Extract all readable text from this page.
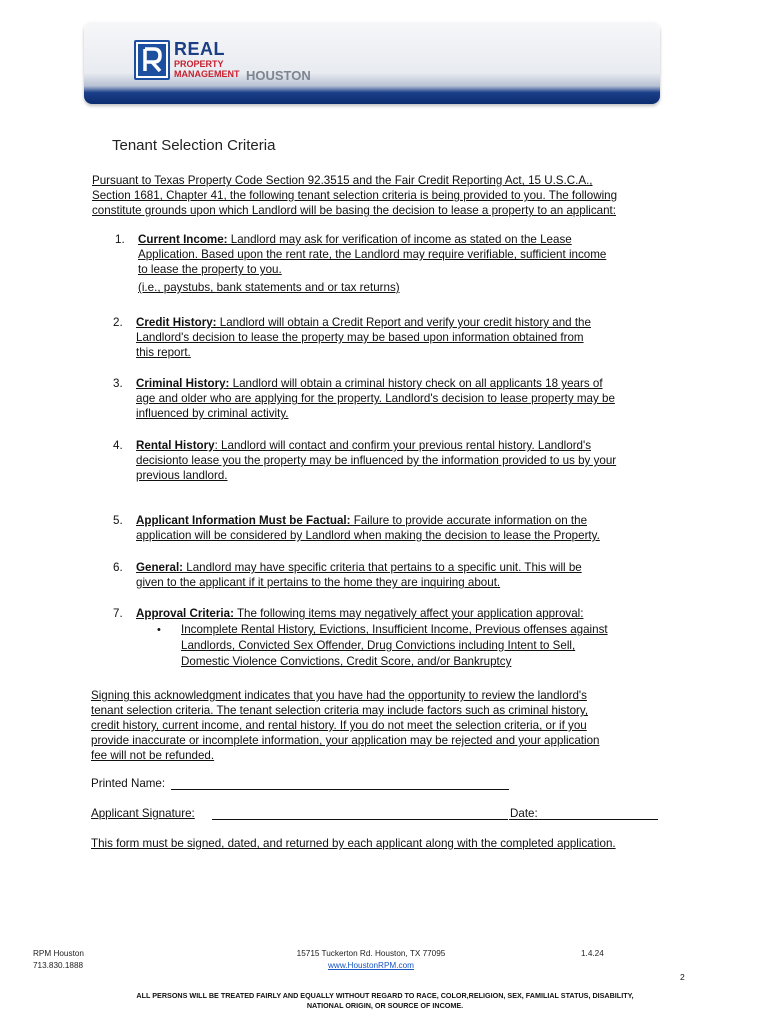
REAL
PROPERTY
MANAGEMENT HOUSTON
Tenant Selection Criteria
Pursuant to Texas Property Code Section 92.3515 and the Fair Credit Reporting Act, 15 U.S.C.A.,
Section 1681, Chapter 41, the following tenant selection criteria is being provided to you. The following
constitute grounds upon which Landlord will be basing the decision to lease a property to an applicant:
1. Current Income: Landlord may ask for verification of income as stated on the Lease
Application. Based upon the rent rate, the Landlord may require verifiable, sufficient income
to lease the property to you.
(i.e., paystubs, bank statements and or tax returns)
2. Credit History: Landlord will obtain a Credit Report and verify your credit history and the
Landlord's decision to lease the property may be based upon information obtained from
this report.
3. Criminal History: Landlord will obtain a criminal history check on all applicants 18 years of
age and older who are applying for the property. Landlord's decision to lease property may be
influenced by criminal activity.
4. Rental History: Landlord will contact and confirm your previous rental history. Landlord's
decisionto lease you the property may be influenced by the information provided to us by your
previous landlord.
5. Applicant Information Must be Factual: Failure to provide accurate information on the
application will be considered by Landlord when making the decision to lease the Property.
6. General: Landlord may have specific criteria that pertains to a specific unit. This will be
given to the applicant if it pertains to the home they are inquiring about.
7. Approval Criteria: The following items may negatively affect your application approval:
• Incomplete Rental History, Evictions, Insufficient Income, Previous offenses against
Landlords, Convicted Sex Offender, Drug Convictions including Intent to Sell,
Domestic Violence Convictions, Credit Score, and/or Bankruptcy
Signing this acknowledgment indicates that you have had the opportunity to review the landlord's
tenant selection criteria. The tenant selection criteria may include factors such as criminal history,
credit history, current income, and rental history. If you do not meet the selection criteria, or if you
provide inaccurate or incomplete information, your application may be rejected and your application
fee will not be refunded.
Printed Name:
Applicant Signature:	Date:
This form must be signed, dated, and returned by each applicant along with the completed application.
RPM Houston
713.830.1888
15715 Tuckerton Rd. Houston, TX 77095
www.HoustonRPM.com
1.4.24
2
ALL PERSONS WILL BE TREATED FAIRLY AND EQUALLY WITHOUT REGARD TO RACE, COLOR,RELIGION, SEX, FAMILIAL STATUS, DISABILITY,
NATIONAL ORIGIN, OR SOURCE OF INCOME.
